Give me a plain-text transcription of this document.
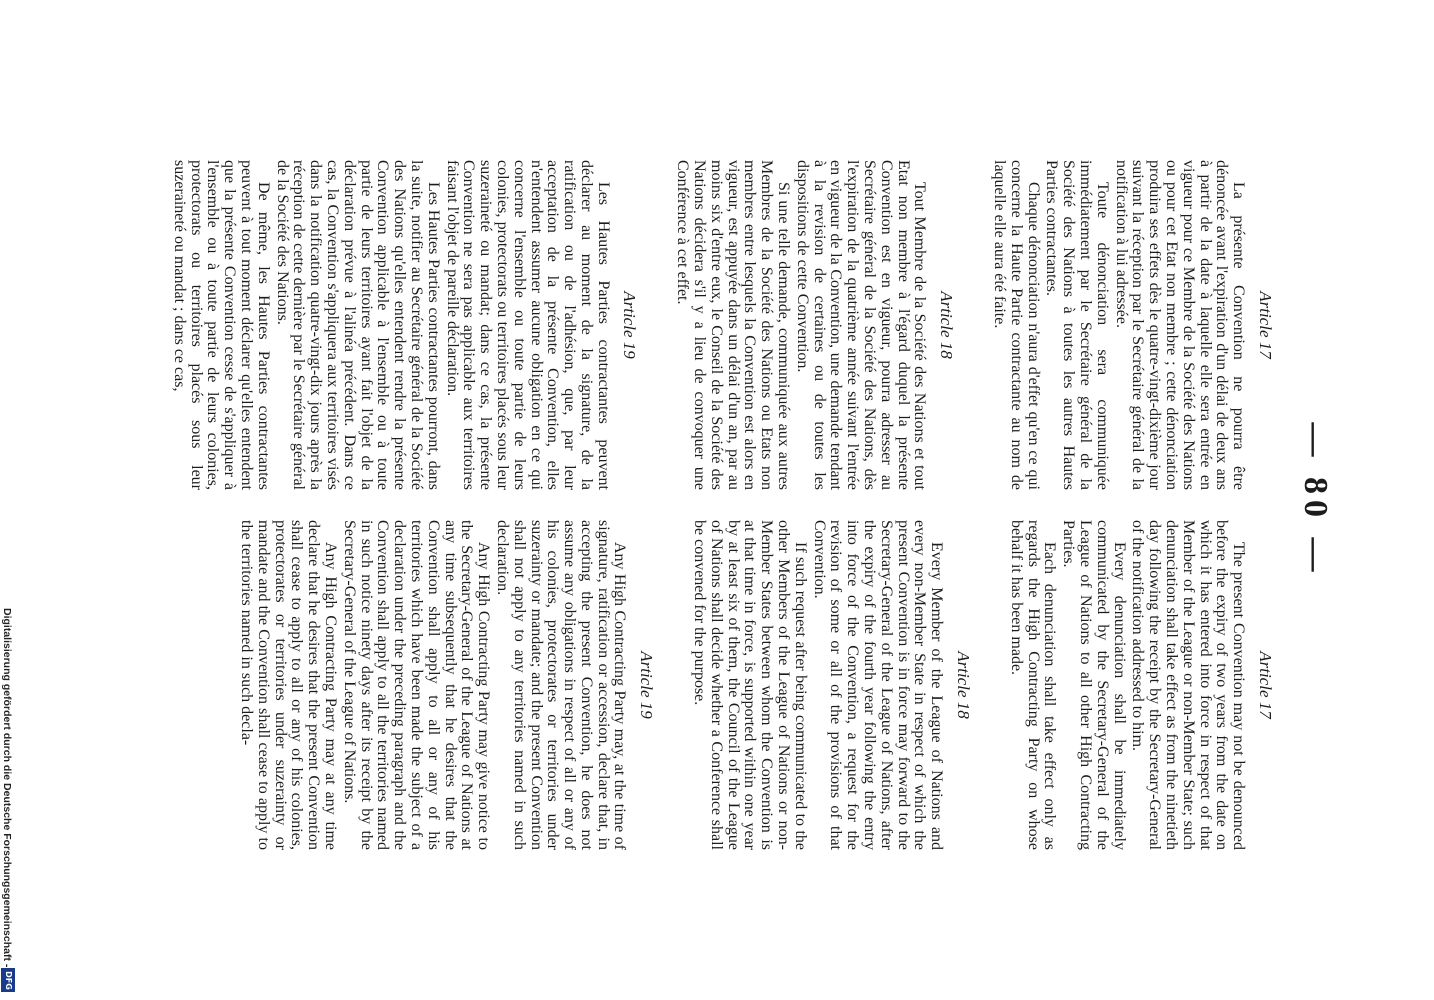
— 80 —
Article 17

La présente Convention ne pourra être dénoncée avant l'expiration d'un délai de deux ans à partir de la date à laquelle elle sera entrée en vigueur pour ce Membre de la Société des Nations ou pour cet Etat non membre ; cette dénonciation produira ses effets dès le quatre-vingt-dixième jour suivant la réception par le Secrétaire général de la notification à lui adressée.

Toute dénonciation sera communiquée immédiatement par le Secrétaire général de la Société des Nations à toutes les autres Hautes Parties contractantes.

Chaque dénonciation n'aura d'effet qu'en ce qui concerne la Haute Partie contractante au nom de laquelle elle aura été faite.

Article 18

Tout Membre de la Société des Nations et tout Etat non membre à l'égard duquel la présente Convention est en vigueur, pourra adresser au Secrétaire général de la Société des Nations, dès l'expiration de la quatrième année suivant l'entrée en vigueur de la Convention, une demande tendant à la revision de certaines ou de toutes les dispositions de cette Convention.

Si une telle demande, communiquée aux autres Membres de la Société des Nations ou Etats non membres entre lesquels la Convention est alors en vigueur, est appuyée dans un délai d'un an, par au moins six d'entre eux, le Conseil de la Société des Nations décidera s'il y a lieu de convoquer une Conférence à cet effet.

Article 19

Les Hautes Parties contractantes peuvent déclarer au moment de la signature, de la ratification ou de l'adhésion, que, par leur acceptation de la présente Convention, elles n'entendent assumer aucune obligation en ce qui concerne l'ensemble ou toute partie de leurs colonies, protectorats ou territoires placés sous leur suzeraineté ou mandat; dans ce cas, la présente Convention ne sera pas applicable aux territoires faisant l'objet de pareille déclaration.

Les Hautes Parties contractantes pourront, dans la suite, notifier au Secrétaire général de la Société des Nations qu'elles entendent rendre la présente Convention applicable à l'ensemble ou à toute partie de leurs territoires ayant fait l'objet de la déclaration prévue à l'alinéa précédent. Dans ce cas, la Convention s'appliquera aux territoires visés dans la notification quatre-vingt-dix jours après la réception de cette dernière par le Secrétaire général de la Société des Nations.

De même, les Hautes Parties contractantes peuvent à tout moment déclarer qu'elles entendent que la présente Convention cesse de s'appliquer à l'ensemble ou à toute partie de leurs colonies, protectorats ou territoires placés sous leur suzeraineté ou mandat ; dans ce cas,

Article 17

The present Convention may not be denounced before the expiry of two years from the date on which it has entered into force in respect of that Member of the League or non-Member State; such denunciation shall take effect as from the ninetieth day following the receipt by the Secretary-General of the notification addressed to him.

Every denunciation shall be immediately communicated by the Secretary-General of the League of Nations to all other High Contracting Parties.

Each denunciation shall take effect only as regards the High Contracting Party on whose behalf it has been made.

Article 18

Every Member of the League of Nations and every non-Member State in respect of which the present Convention is in force may forward to the Secretary-General of the League of Nations, after the expiry of the fourth year following the entry into force of the Convention, a request for the revision of some or all of the provisions of that Convention.

If such request after being communicated to the other Members of the League of Nations or non-Member States between whom the Convention is at that time in force, is supported within one year by at least six of them, the Council of the League of Nations shall decide whether a Conference shall be convened for the purpose.

Article 19

Any High Contracting Party may, at the time of signature, ratification or accession, declare that, in accepting the present Convention, he does not assume any obligations in respect of all or any of his colonies, protectorates or territories under suzerainty or mandate; and the present Convention shall not apply to any territories named in such declaration.

Any High Contracting Party may give notice to the Secretary-General of the League of Nations at any time subsequently that he desires that the Convention shall apply to all or any of his territories which have been made the subject of a declaration under the preceding paragraph and the Convention shall apply to all the territories named in such notice ninety days after its receipt by the Secretary-General of the League of Nations.

Any High Contracting Party may at any time declare that he desires that the present Convention shall cease to apply to all or any of his colonies, protectorates or territories under suzerainty or mandate and the Convention shall cease to apply to the territories named in such decla-

Digitalisierung gefördert durch die Deutsche Forschungsgemeinschaft -
DFG
